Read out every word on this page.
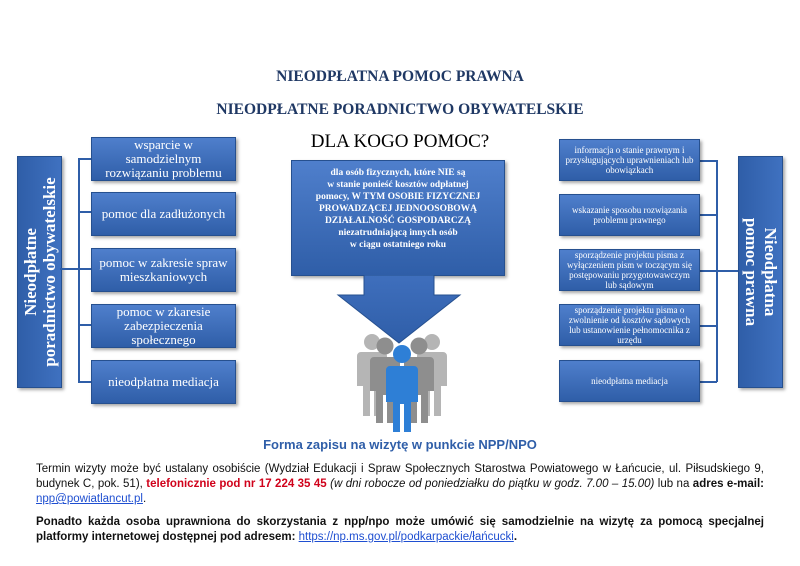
NIEODPŁATNA POMOC PRAWNA
NIEODPŁATNE PORADNICTWO OBYWATELSKIE
DLA KOGO POMOC?
Nieodpłatne poradnictwo obywatelskie
wsparcie w samodzielnym rozwiązaniu problemu
pomoc dla zadłużonych
pomoc w zakresie spraw mieszkaniowych
pomoc w zkaresie zabezpieczenia społecznego
nieodpłatna mediacja
Nieodpłatna
pomoc prawna
informacja o stanie prawnym i przysługujących uprawnieniach lub obowiązkach
wskazanie sposobu rozwiązania problemu prawnego
sporządzenie projektu pisma z wyłączeniem pism w toczącym się postępowaniu przygotowawczym lub sądowym
sporządzenie projektu pisma o zwolnienie od kosztów sądowych lub ustanowienie pełnomocnika z urzędu
nieodpłatna mediacja
dla osób fizycznych, które NIE są
w stanie ponieść kosztów odpłatnej
pomocy, W TYM OSOBIE FIZYCZNEJ
PROWADZĄCEJ JEDNOOSOBOWĄ
DZIAŁALNOŚĆ GOSPODARCZĄ
niezatrudniającą innych osób
w ciągu ostatniego roku
Forma zapisu na wizytę w punkcie NPP/NPO
Termin wizyty może być ustalany osobiście (Wydział Edukacji i Spraw Społecznych Starostwa Powiatowego w Łańcucie, ul. Piłsudskiego 9, budynek C, pok. 51), telefonicznie pod nr 17 224 35 45 (w dni robocze od poniedziałku do piątku w godz. 7.00 – 15.00) lub na adres e-mail: npp@powiatlancut.pl.
Ponadto każda osoba uprawniona do skorzystania z npp/npo może umówić się samodzielnie na wizytę za pomocą specjalnej platformy internetowej dostępnej pod adresem: https://np.ms.gov.pl/podkarpackie/łańcucki.
